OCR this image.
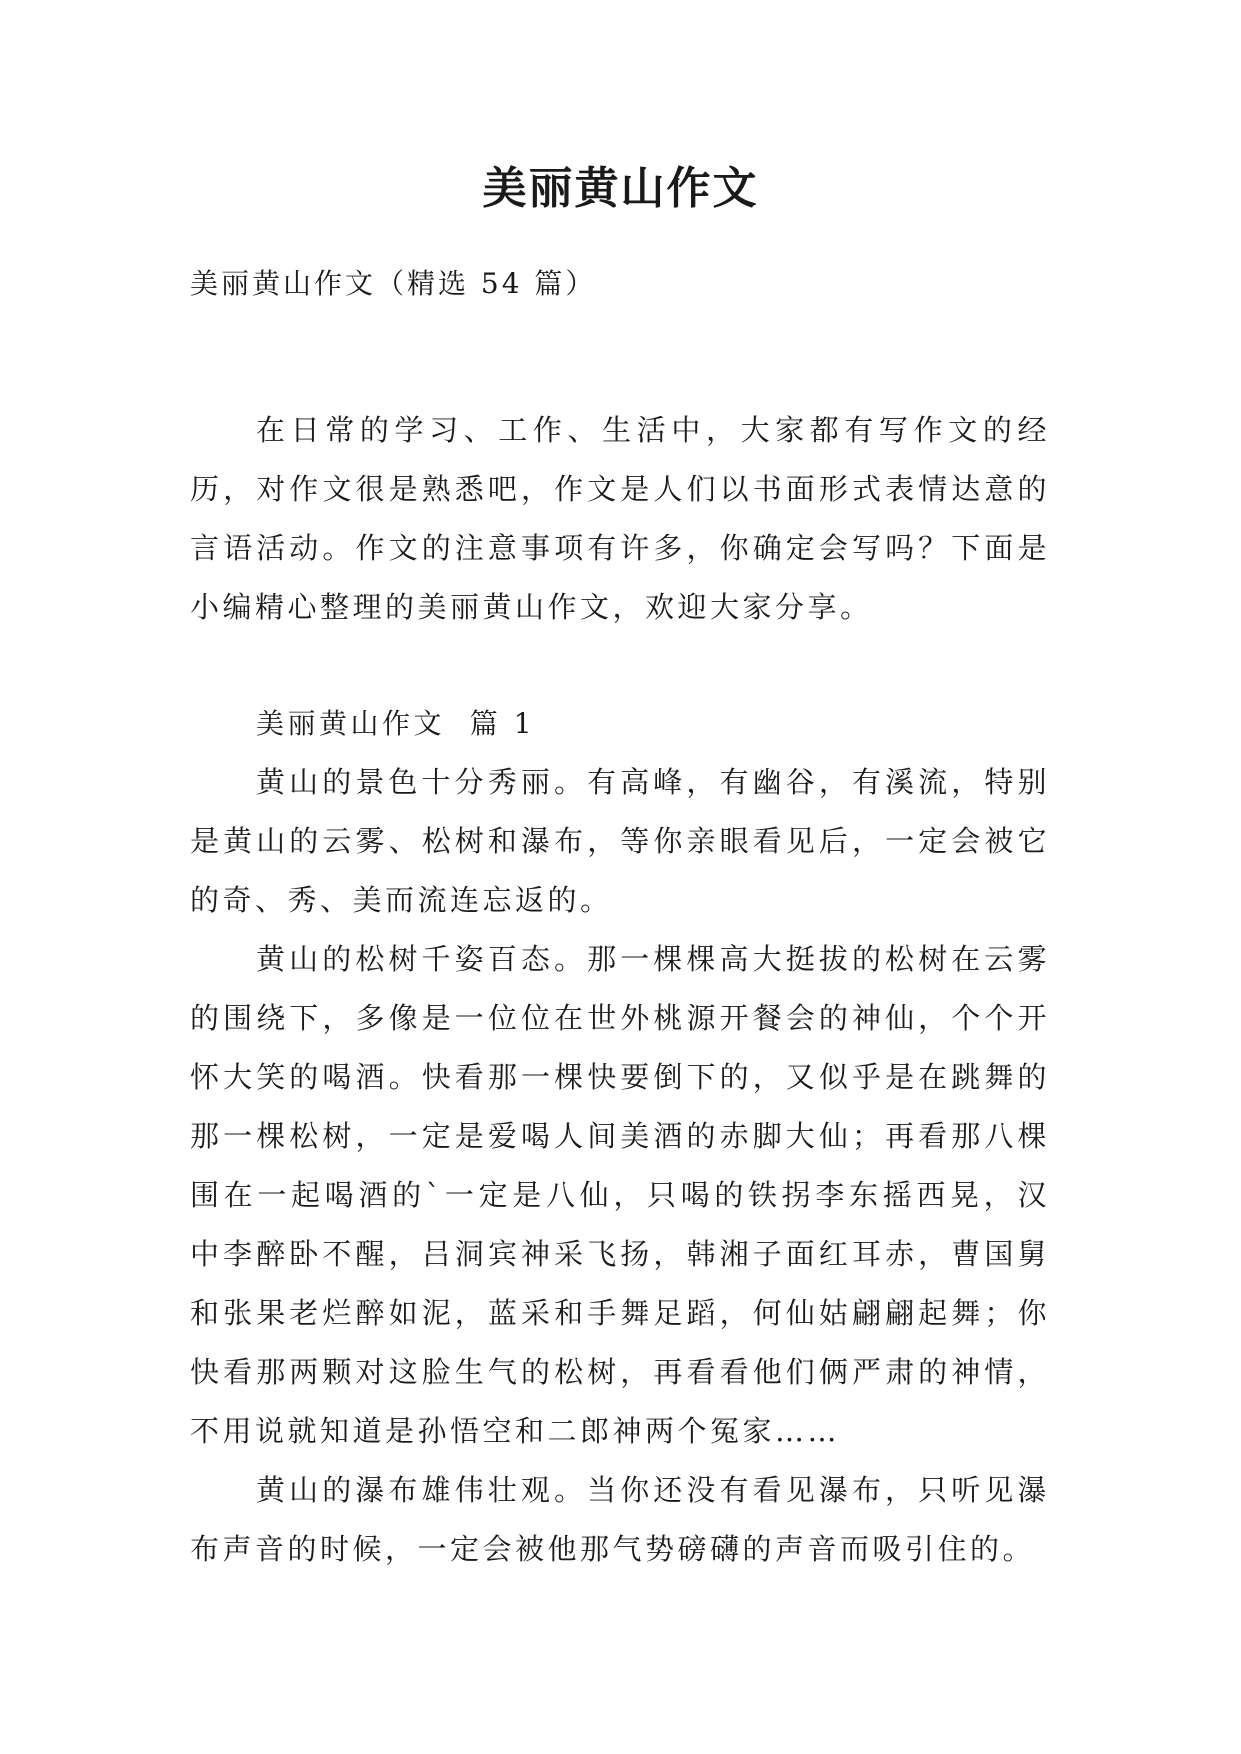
美丽黄山作文
美丽黄山作文（精选 54 篇）

在日常的学习、工作、生活中，大家都有写作文的经历，对作文很是熟悉吧，作文是人们以书面形式表情达意的言语活动。作文的注意事项有许多，你确定会写吗？下面是小编精心整理的美丽黄山作文，欢迎大家分享。

美丽黄山作文  篇 1

黄山的景色十分秀丽。有高峰，有幽谷，有溪流，特别是黄山的云雾、松树和瀑布，等你亲眼看见后，一定会被它的奇、秀、美而流连忘返的。

黄山的松树千姿百态。那一棵棵高大挺拔的松树在云雾的围绕下，多像是一位位在世外桃源开餐会的神仙，个个开怀大笑的喝酒。快看那一棵快要倒下的，又似乎是在跳舞的那一棵松树，一定是爱喝人间美酒的赤脚大仙；再看那八棵围在一起喝酒的`一定是八仙，只喝的铁拐李东摇西晃，汉中李醉卧不醒，吕洞宾神采飞扬，韩湘子面红耳赤，曹国舅和张果老烂醉如泥，蓝采和手舞足蹈，何仙姑翩翩起舞；你快看那两颗对这脸生气的松树，再看看他们俩严肃的神情，不用说就知道是孙悟空和二郎神两个冤家……

黄山的瀑布雄伟壮观。当你还没有看见瀑布，只听见瀑布声音的时候，一定会被他那气势磅礴的声音而吸引住的。
